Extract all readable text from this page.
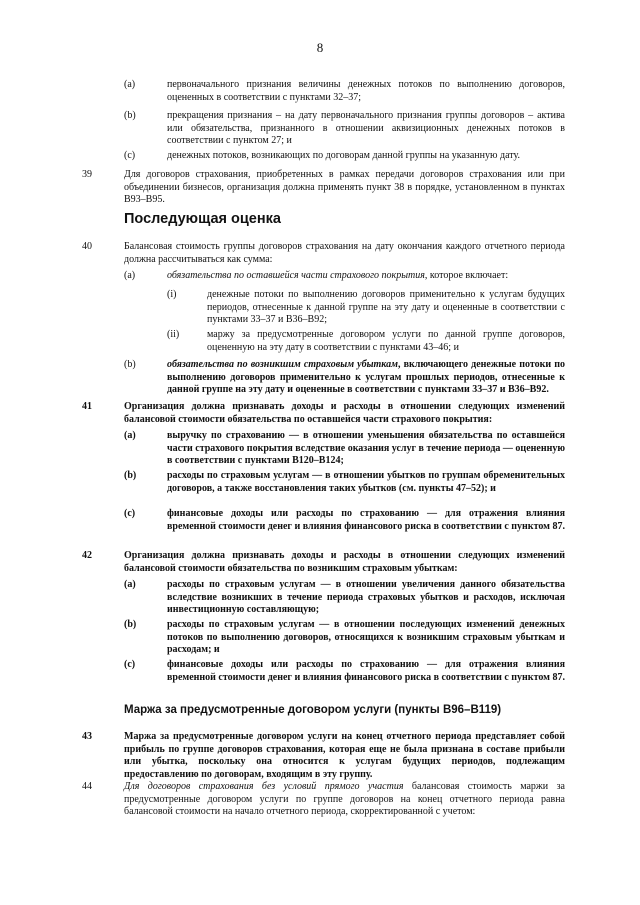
8
(a)	первоначального признания величины денежных потоков по выполнению договоров, оцененных в соответствии с пунктами 32–37;
(b)	прекращения признания – на дату первоначального признания группы договоров – актива или обязательства, признанного в отношении аквизиционных денежных потоков в соответствии с пунктом 27; и
(c)	денежных потоков, возникающих по договорам данной группы на указанную дату.
39	Для договоров страхования, приобретенных в рамках передачи договоров страхования или при объединении бизнесов, организация должна применять пункт 38 в порядке, установленном в пунктах B93–B95.
Последующая оценка
40	Балансовая стоимость группы договоров страхования на дату окончания каждого отчетного периода должна рассчитываться как сумма:
(a)	обязательства по оставшейся части страхового покрытия, которое включает:
(i)	денежные потоки по выполнению договоров применительно к услугам будущих периодов, отнесенные к данной группе на эту дату и оцененные в соответствии с пунктами 33–37 и B36–B92;
(ii)	маржу за предусмотренные договором услуги по данной группе договоров, оцененную на эту дату в соответствии с пунктами 43–46; и
(b)	обязательства по возникшим страховым убыткам, включающего денежные потоки по выполнению договоров применительно к услугам прошлых периодов, отнесенные к данной группе на эту дату и оцененные в соответствии с пунктами 33–37 и B36–B92.
41	Организация должна признавать доходы и расходы в отношении следующих изменений балансовой стоимости обязательства по оставшейся части страхового покрытия:
(a)	выручку по страхованию — в отношении уменьшения обязательства по оставшейся части страхового покрытия вследствие оказания услуг в течение периода — оцененную в соответствии с пунктами B120–B124;
(b)	расходы по страховым услугам — в отношении убытков по группам обременительных договоров, а также восстановления таких убытков (см. пункты 47–52); и
(c)	финансовые доходы или расходы по страхованию — для отражения влияния временной стоимости денег и влияния финансового риска в соответствии с пунктом 87.
42	Организация должна признавать доходы и расходы в отношении следующих изменений балансовой стоимости обязательства по возникшим страховым убыткам:
(a)	расходы по страховым услугам — в отношении увеличения данного обязательства вследствие возникших в течение периода страховых убытков и расходов, исключая инвестиционную составляющую;
(b)	расходы по страховым услугам — в отношении последующих изменений денежных потоков по выполнению договоров, относящихся к возникшим страховым убыткам и расходам; и
(c)	финансовые доходы или расходы по страхованию — для отражения влияния временной стоимости денег и влияния финансового риска в соответствии с пунктом 87.
Маржа за предусмотренные договором услуги (пункты B96–B119)
43	Маржа за предусмотренные договором услуги на конец отчетного периода представляет собой прибыль по группе договоров страхования, которая еще не была признана в составе прибыли или убытка, поскольку она относится к услугам будущих периодов, подлежащим предоставлению по договорам, входящим в эту группу.
44	Для договоров страхования без условий прямого участия балансовая стоимость маржи за предусмотренные договором услуги по группе договоров на конец отчетного периода равна балансовой стоимости на начало отчетного периода, скорректированной с учетом:
